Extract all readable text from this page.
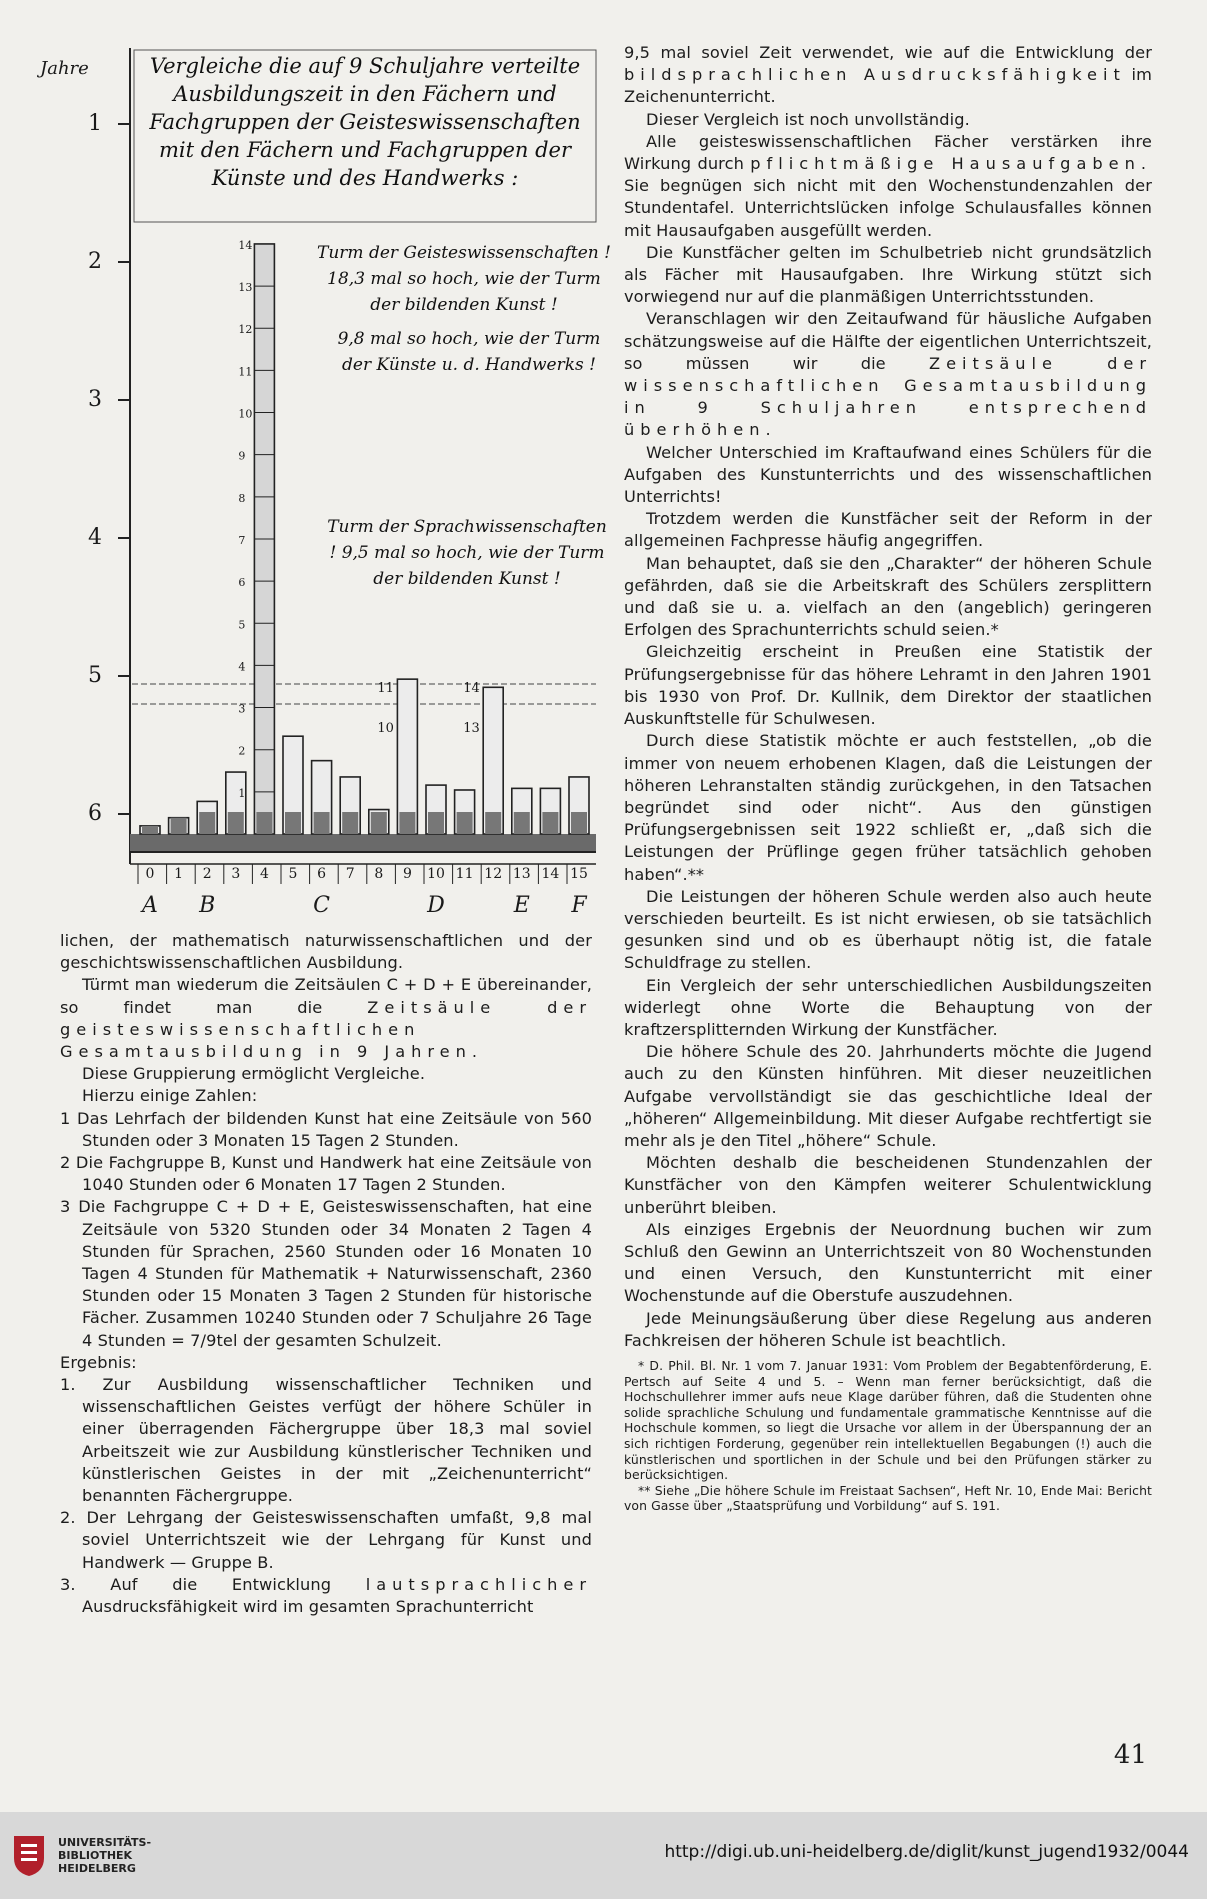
Jahre
1
2
3
4
5
6
1
2
3
4
5
6
7
8
9
10
11
12
13
14
11
10
14
13
0 1 2 3 4 5 6 7 8 9 10 11 12 13 14 15
A B	C	D	E F
Vergleiche die auf 9 Schuljahre verteilte Ausbildungszeit in den Fächern und Fachgruppen der Geisteswissenschaften mit den Fächern und Fachgruppen der Künste und des Handwerks :
Turm der Geisteswissenschaften ! 18,3 mal so hoch, wie der Turm der bildenden Kunst !
9,8 mal so hoch, wie der Turm der Künste u. d. Handwerks !
Turm der Sprachwissenschaften ! 9,5 mal so hoch, wie der Turm der bildenden Kunst !

lichen, der mathematisch naturwissenschaftlichen und der geschichtswissenschaftlichen Ausbildung.

Türmt man wiederum die Zeitsäulen C + D + E übereinander, so findet man die	Zeitsäule der geisteswissenschaftlichen Gesamtausbildung in 9 Jahren.

Diese Gruppierung ermöglicht Vergleiche.

Hierzu einige Zahlen:

1 Das Lehrfach der bildenden Kunst hat eine Zeitsäule von 560 Stunden oder 3 Monaten 15 Tagen 2 Stunden.

2 Die Fachgruppe B, Kunst und Handwerk hat eine Zeitsäule von 1040 Stunden oder 6 Monaten 17 Tagen 2 Stunden.

3 Die Fachgruppe C + D + E, Geisteswissenschaften, hat eine Zeitsäule von 5320 Stunden oder 34 Monaten 2 Tagen 4 Stunden für Sprachen, 2560 Stunden oder 16 Monaten 10 Tagen 4 Stunden für Mathematik + Naturwissenschaft, 2360 Stunden oder 15 Monaten 3 Tagen 2 Stunden für historische Fächer. Zusammen 10240 Stunden oder 7 Schuljahre 26 Tage 4 Stunden = 7/9tel der gesamten Schulzeit.

Ergebnis:

1. Zur Ausbildung wissenschaftlicher Techniken und wissenschaftlichen Geistes verfügt der höhere Schüler in einer überragenden Fächergruppe über 18,3 mal soviel Arbeitszeit wie zur Ausbildung künstlerischer Techniken und künstlerischen Geistes in der mit „Zeichenunterricht“ benannten Fächergruppe.

2. Der Lehrgang der Geisteswissenschaften umfaßt, 9,8 mal soviel Unterrichtszeit wie der Lehrgang für Kunst und Handwerk — Gruppe B.

3. Auf die Entwicklung lautsprachlicher Ausdrucksfähigkeit wird im gesamten Sprachunterricht

9,5 mal soviel Zeit verwendet, wie auf die Entwicklung der bildsprachlichen Ausdrucksfähigkeit im Zeichenunterricht.

Dieser Vergleich ist noch unvollständig.

Alle geisteswissenschaftlichen Fächer verstärken ihre Wirkung durch pflichtmäßige Hausaufgaben. Sie begnügen sich nicht mit den Wochenstundenzahlen der Stundentafel. Unterrichtslücken infolge Schulausfalles können mit Hausaufgaben ausgefüllt werden.

Die Kunstfächer gelten im Schulbetrieb nicht grundsätzlich als Fächer mit Hausaufgaben. Ihre Wirkung stützt sich vorwiegend nur auf die planmäßigen Unterrichtsstunden.

Veranschlagen wir den Zeitaufwand für häusliche Aufgaben schätzungsweise auf die Hälfte der eigentlichen Unterrichtszeit, so müssen wir die	Zeitsäule der wissenschaftlichen Gesamtausbildung in 9 Schuljahren entsprechend überhöhen.

Welcher Unterschied im Kraftaufwand eines Schülers für die Aufgaben des Kunstunterrichts und des wissenschaftlichen Unterrichts!

Trotzdem werden die Kunstfächer seit der Reform in der allgemeinen Fachpresse häufig angegriffen.

Man behauptet, daß sie den „Charakter“ der höheren Schule gefährden, daß sie die Arbeitskraft des Schülers zersplittern und daß sie u. a. vielfach an den (angeblich) geringeren Erfolgen des Sprachunterrichts schuld seien.*

Gleichzeitig erscheint in Preußen eine Statistik der Prüfungsergebnisse für das höhere Lehramt in den Jahren 1901 bis 1930 von Prof. Dr. Kullnik, dem Direktor der staatlichen Auskunftstelle für Schulwesen.

Durch diese Statistik möchte er auch feststellen, „ob die immer von neuem erhobenen Klagen, daß die Leistungen der höheren Lehranstalten ständig zurückgehen, in den Tatsachen begründet sind oder nicht“. Aus den günstigen Prüfungsergebnissen seit 1922 schließt er, „daß sich die Leistungen der Prüflinge gegen früher tatsächlich gehoben haben“.**

Die Leistungen der höheren Schule werden also auch heute verschieden beurteilt. Es ist nicht erwiesen, ob sie tatsächlich gesunken sind und ob es überhaupt nötig ist, die fatale Schuldfrage zu stellen.

Ein Vergleich der sehr unterschiedlichen Ausbildungszeiten widerlegt ohne Worte die Behauptung von der kraftzersplitternden Wirkung der Kunstfächer.

Die höhere Schule des 20. Jahrhunderts möchte die Jugend auch zu den Künsten hinführen. Mit dieser neuzeitlichen Aufgabe vervollständigt sie das geschichtliche Ideal der „höheren“ Allgemeinbildung. Mit dieser Aufgabe rechtfertigt sie mehr als je den Titel „höhere“ Schule.

Möchten deshalb die bescheidenen Stundenzahlen der Kunstfächer von den Kämpfen weiterer Schulentwicklung unberührt bleiben.

Als einziges Ergebnis der Neuordnung buchen wir zum Schluß den Gewinn an Unterrichtszeit von 80 Wochenstunden und einen Versuch, den Kunstunterricht mit einer Wochenstunde auf die Oberstufe auszudehnen.

Jede Meinungsäußerung über diese Regelung aus anderen Fachkreisen der höheren Schule ist beachtlich.

* D. Phil. Bl. Nr. 1 vom 7. Januar 1931: Vom Problem der Begabtenförderung, E. Pertsch auf Seite 4 und 5. – Wenn man ferner berücksichtigt, daß die Hochschullehrer immer aufs neue Klage darüber führen, daß die Studenten ohne solide sprachliche Schulung und fundamentale grammatische Kenntnisse auf die Hochschule kommen, so liegt die Ursache vor allem in der Überspannung der an sich richtigen Forderung, gegenüber rein intellektuellen Begabungen (!) auch die künstlerischen und sportlichen in der Schule und bei den Prüfungen stärker zu berücksichtigen.

** Siehe „Die höhere Schule im Freistaat Sachsen“, Heft Nr. 10, Ende Mai: Bericht von Gasse über „Staatsprüfung und Vorbildung“ auf S. 191.

41
UNIVERSITÄTS-
BIBLIOTHEK
HEIDELBERG
http://digi.ub.uni-heidelberg.de/diglit/kunst_jugend1932/0044
